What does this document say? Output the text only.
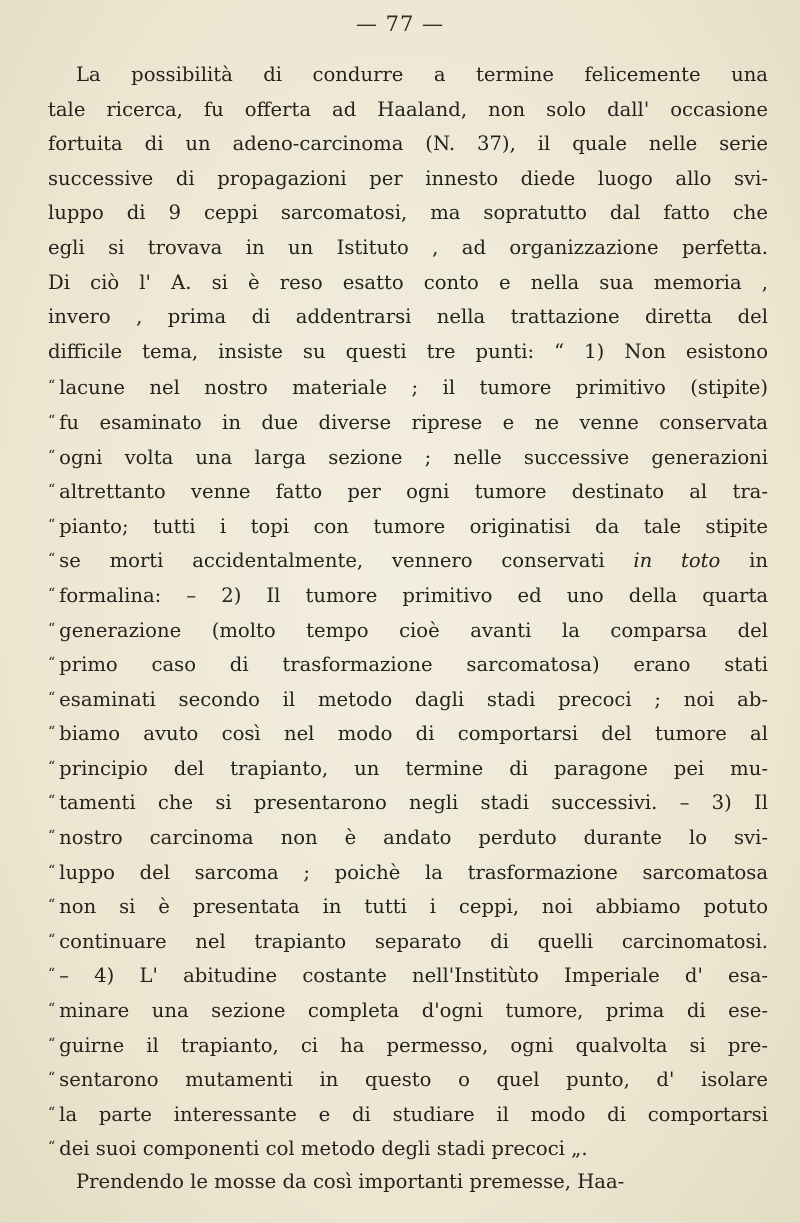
— 77 —
La possibilità di condurre a termine felicemente una
tale ricerca, fu offerta ad Haaland, non solo dall' occasione
fortuita di un adeno-carcinoma (N. 37), il quale nelle serie
successive di propagazioni per innesto diede luogo allo svi-
luppo di 9 ceppi sarcomatosi, ma sopratutto dal fatto che
egli si trovava in un Istituto , ad organizzazione perfetta.
Di ciò l' A. si è reso esatto conto e nella sua memoria ,
invero , prima di addentrarsi nella trattazione diretta del
difficile tema, insiste su questi tre punti: “ 1) Non esistono
“ lacune nel nostro materiale ; il tumore primitivo (stipite)
“ fu esaminato in due diverse riprese e ne venne conservata
“ ogni volta una larga sezione ; nelle successive generazioni
“ altrettanto venne fatto per ogni tumore destinato al tra-
“ pianto; tutti i topi con tumore originatisi da tale stipite
“ se morti accidentalmente, vennero conservati in toto in
“ formalina: – 2) Il tumore primitivo ed uno della quarta
“ generazione (molto tempo cioè avanti la comparsa del
“ primo caso di trasformazione sarcomatosa) erano stati
“ esaminati secondo il metodo dagli stadi precoci ; noi ab-
“ biamo avuto così nel modo di comportarsi del tumore al
“ principio del trapianto, un termine di paragone pei mu-
“ tamenti che si presentarono negli stadi successivi. – 3) Il
“ nostro carcinoma non è andato perduto durante lo svi-
“ luppo del sarcoma ; poichè la trasformazione sarcomatosa
“ non si è presentata in tutti i ceppi, noi abbiamo potuto
“ continuare nel trapianto separato di quelli carcinomatosi.
“ – 4) L' abitudine costante nell'Institùto Imperiale d' esa-
“ minare una sezione completa d'ogni tumore, prima di ese-
“ guirne il trapianto, ci ha permesso, ogni qualvolta si pre-
“ sentarono mutamenti in questo o quel punto, d' isolare
“ la parte interessante e di studiare il modo di comportarsi
“ dei suoi componenti col metodo degli stadi precoci „.
Prendendo le mosse da così importanti premesse, Haa-
